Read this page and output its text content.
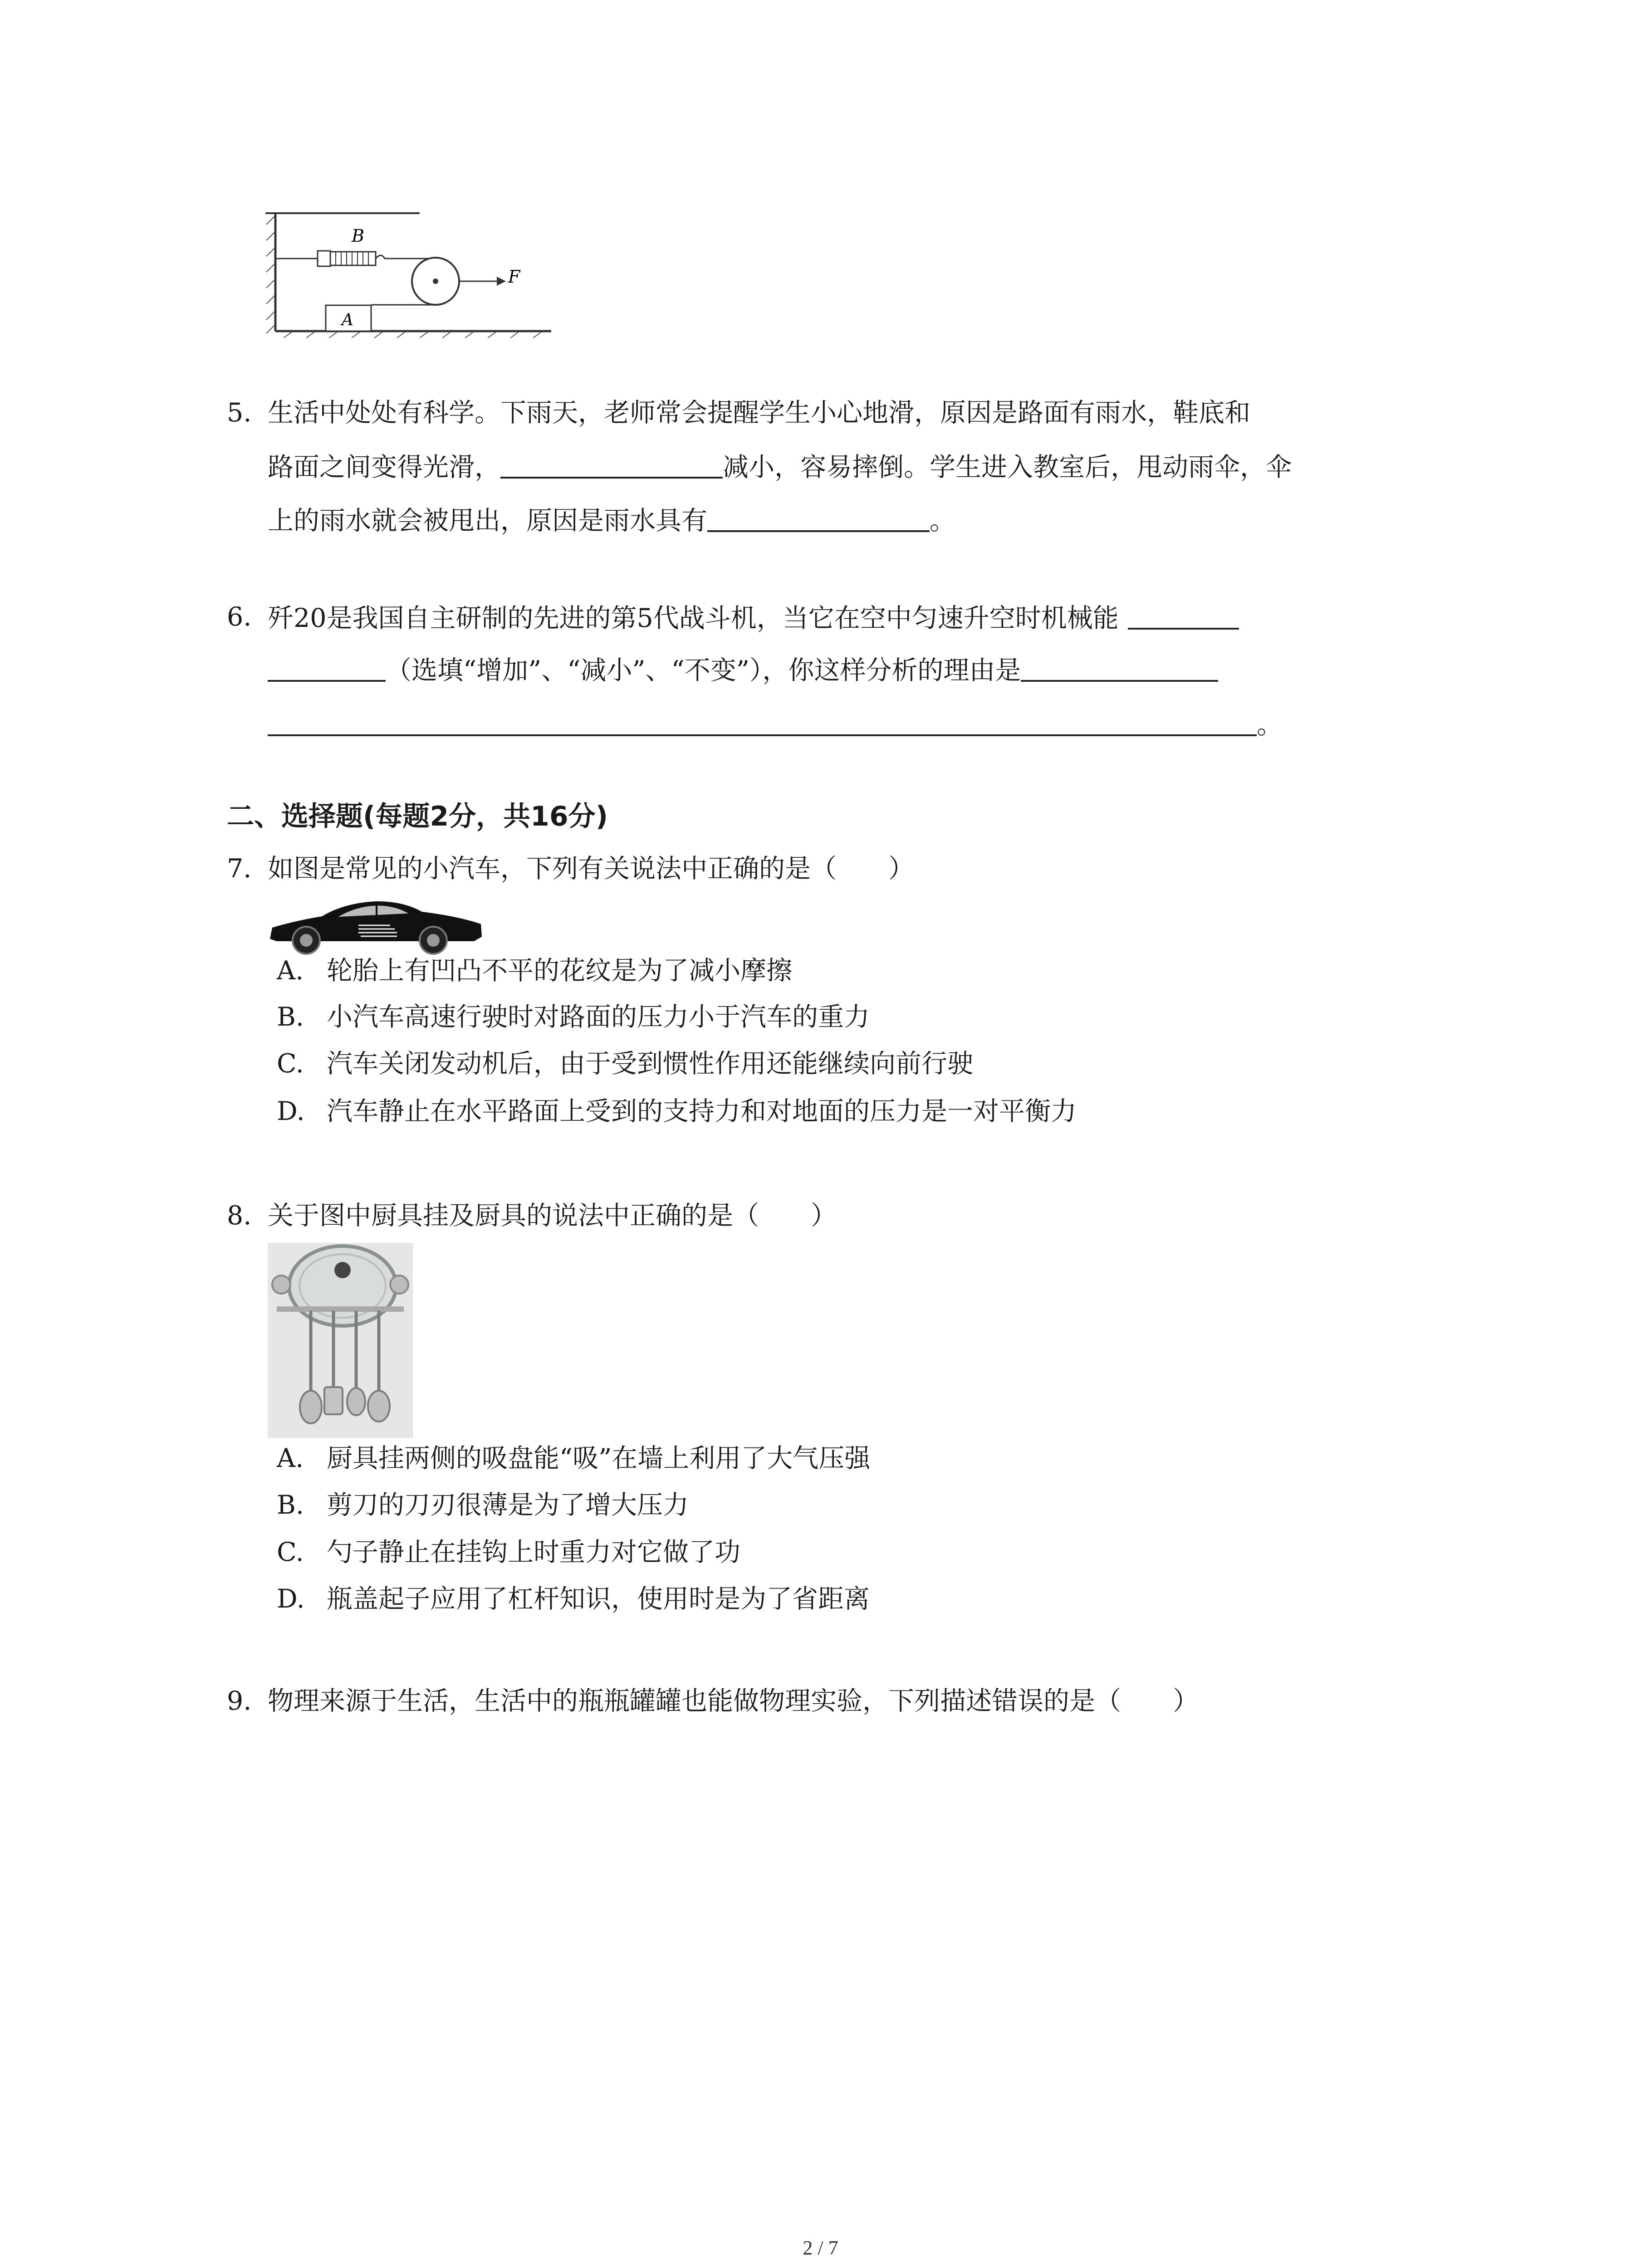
B
A
F
5. 生活中处处有科学。下雨天，老师常会提醒学生小心地滑，原因是路面有雨水，鞋底和
路面之间变得光滑，	减小，容易摔倒。学生进入教室后，甩动雨伞，伞
上的雨水就会被甩出，原因是雨水具有	。
6. 歼20是我国自主研制的先进的第5代战斗机，当它在空中匀速升空时机械能
（选填“增加”、“减小”、“不变”），你这样分析的理由是
。
二、选择题(每题2分，共16分)
7. 如图是常见的小汽车，下列有关说法中正确的是（　　）
A. 轮胎上有凹凸不平的花纹是为了减小摩擦
B. 小汽车高速行驶时对路面的压力小于汽车的重力
C. 汽车关闭发动机后，由于受到惯性作用还能继续向前行驶
D. 汽车静止在水平路面上受到的支持力和对地面的压力是一对平衡力
8. 关于图中厨具挂及厨具的说法中正确的是（　　）
A. 厨具挂两侧的吸盘能“吸”在墙上利用了大气压强
B. 剪刀的刀刃很薄是为了增大压力
C. 勺子静止在挂钩上时重力对它做了功
D. 瓶盖起子应用了杠杆知识，使用时是为了省距离
9. 物理来源于生活，生活中的瓶瓶罐罐也能做物理实验，下列描述错误的是（　　）
2 / 7
